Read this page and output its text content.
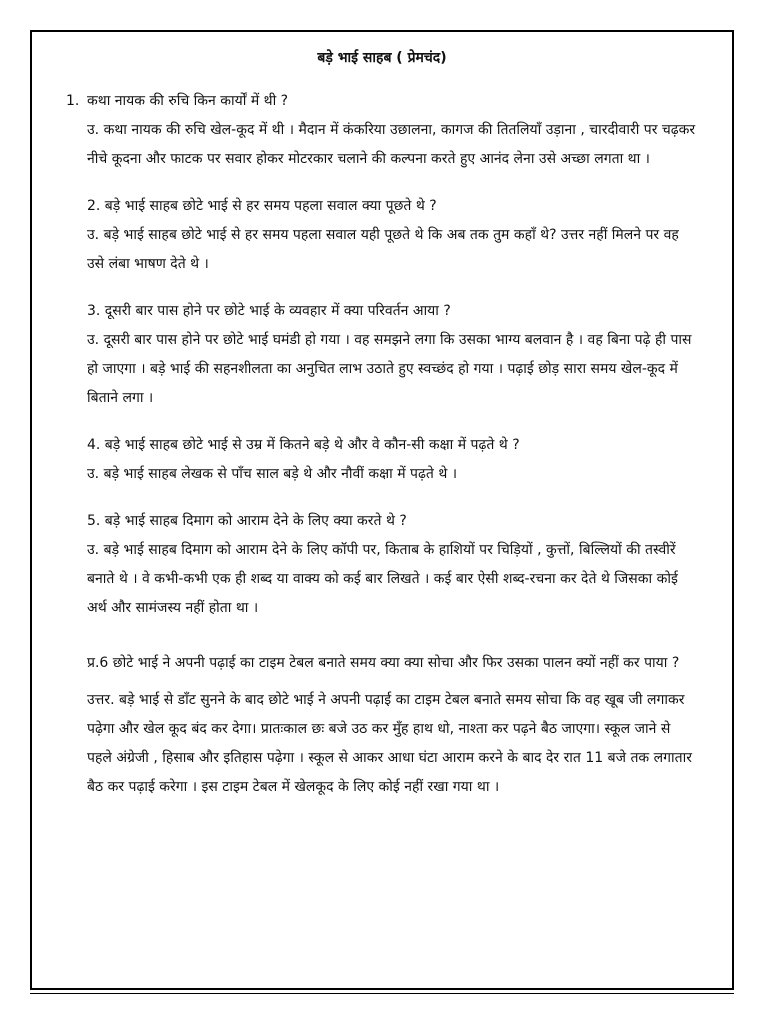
बड़े भाई साहब ( प्रेमचंद)

1. कथा नायक की रुचि किन कार्यों में थी ?

उ. कथा नायक की रुचि खेल-कूद में थी । मैदान में कंकरिया उछालना, कागज की तितलियाँ उड़ाना , चारदीवारी पर चढ़कर नीचे कूदना और फाटक पर सवार होकर मोटरकार चलाने की कल्पना करते हुए आनंद लेना उसे अच्छा लगता था ।

2. बड़े भाई साहब छोटे भाई से हर समय पहला सवाल क्या पूछते थे ?

उ. बड़े भाई साहब छोटे भाई से हर समय पहला सवाल यही पूछते थे कि अब तक तुम कहाँ थे? उत्तर नहीं मिलने पर वह उसे लंबा भाषण देते थे ।

3. दूसरी बार पास होने पर छोटे भाई के व्यवहार में क्या परिवर्तन आया ?

उ. दूसरी बार पास होने पर छोटे भाई घमंडी हो गया । वह समझने लगा कि उसका भाग्य बलवान है । वह बिना पढ़े ही पास हो जाएगा । बड़े भाई की सहनशीलता का अनुचित लाभ उठाते हुए स्वच्छंद हो गया । पढ़ाई छोड़ सारा समय खेल-कूद में बिताने लगा ।

4. बड़े भाई साहब छोटे भाई से उम्र में कितने बड़े थे और वे कौन-सी कक्षा में पढ़ते थे ?

उ. बड़े भाई साहब लेखक से पाँच साल बड़े थे और नौवीं कक्षा में पढ़ते थे ।

5. बड़े भाई साहब दिमाग को आराम देने के लिए क्या करते थे ?

उ. बड़े भाई साहब दिमाग को आराम देने के लिए कॉपी पर, किताब के हाशियों पर चिड़ियों , कुत्तों, बिल्लियों की तस्वीरें बनाते थे । वे कभी-कभी एक ही शब्द या वाक्य को कई बार लिखते । कई बार ऐसी शब्द-रचना कर देते थे जिसका कोई अर्थ और सामंजस्य नहीं होता था ।

प्र.6 छोटे भाई ने अपनी पढ़ाई का टाइम टेबल बनाते समय क्या क्या सोचा और फिर उसका पालन क्यों नहीं कर पाया ?

उत्तर. बड़े भाई से डाँट सुनने के बाद छोटे भाई ने अपनी पढ़ाई का टाइम टेबल बनाते समय सोचा कि वह खूब जी लगाकर पढ़ेगा और खेल कूद बंद कर देगा। प्रातःकाल छः बजे उठ कर मुँह हाथ धो, नाश्ता कर पढ़ने बैठ जाएगा। स्कूल जाने से पहले अंग्रेजी , हिसाब और इतिहास पढ़ेगा । स्कूल से आकर आधा घंटा आराम करने के बाद देर रात 11 बजे तक लगातार बैठ कर पढ़ाई करेगा । इस टाइम टेबल में खेलकूद के लिए कोई नहीं रखा गया था ।
